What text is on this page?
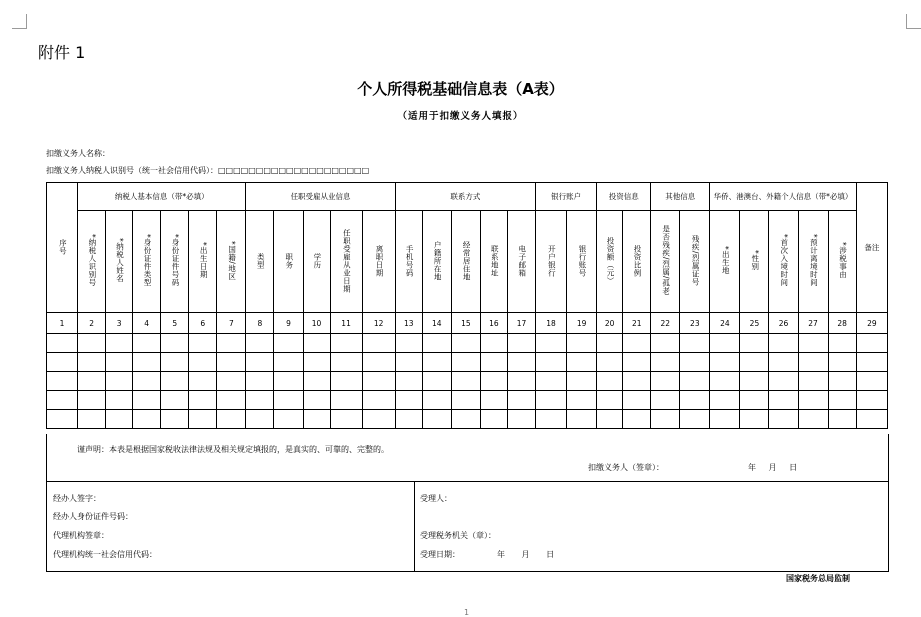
附件 1
个人所得税基础信息表（A表）
（适用于扣缴义务人填报）
扣缴义务人名称：
扣缴义务人纳税人识别号（统一社会信用代码）：□□□□□□□□□□□□□□□□□□□□
序号	纳税人基本信息（带*必填）						任职受雇从业信息					联系方式					银行账户		投资信息		其他信息		华侨、港澳台、外籍个人信息（带*必填）					备注
	*纳税人识别号	*纳税人姓名	*身份证件类型	*身份证件号码	*出生日期	*国籍/地区	类型	职务	学历	任职受雇从业日期	离职日期	手机号码	户籍所在地	经常居住地	联系地址	电子邮箱	开户银行	银行账号	投资额（元）	投资比例	是否残疾/烈属/孤老	残疾/烈属证号	*出生地	*性别	*首次入境时间	*预计离境时间	*涉税事由	
1	2	3	4	5	6	7	8	9	10	11	12	13	14	15	16	17	18	19	20	21	22	23	24	25	26	27	28	29

谨声明：本表是根据国家税收法律法规及相关规定填报的，是真实的、可靠的、完整的。
扣缴义务人（签章）：	年 月 日
经办人签字：
经办人身份证件号码：
代理机构签章：
代理机构统一社会信用代码：
受理人：
受理税务机关（章）：
受理日期：	年 月 日
国家税务总局监制
1
